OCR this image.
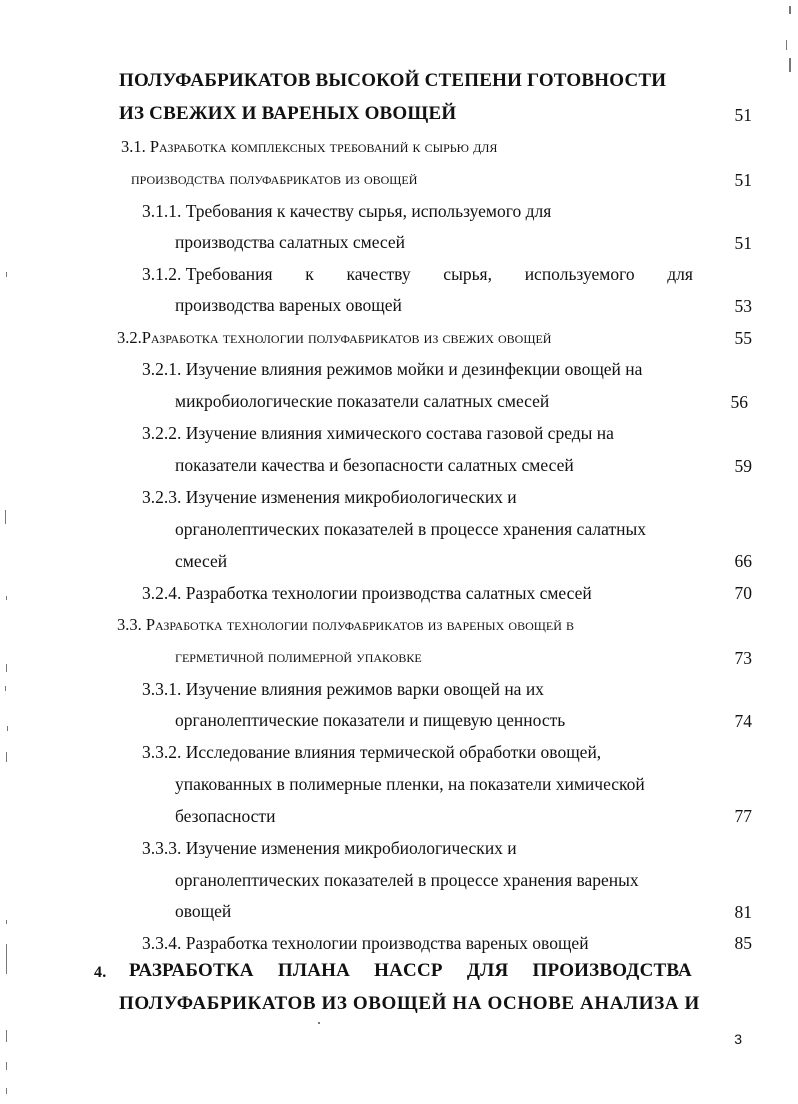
ПОЛУФАБРИКАТОВ ВЫСОКОЙ СТЕПЕНИ ГОТОВНОСТИ
ИЗ СВЕЖИХ И ВАРЕНЫХ ОВОЩЕЙ	51
3.1. Разработка комплексных требований к сырью для
производства полуфабрикатов из овощей	51
3.1.1. Требования к качеству сырья, используемого для
производства салатных смесей	51
3.1.2. Требования к качеству сырья, используемого для
производства вареных овощей	53
3.2.Разработка технологии полуфабрикатов из свежих овощей	55
3.2.1. Изучение влияния режимов мойки и дезинфекции овощей на
микробиологические показатели салатных смесей	56
3.2.2. Изучение влияния химического состава газовой среды на
показатели качества и безопасности салатных смесей	59
3.2.3. Изучение изменения микробиологических и
органолептических показателей в процессе хранения салатных
смесей	66
3.2.4. Разработка технологии производства салатных смесей	70
3.3. Разработка технологии полуфабрикатов из вареных овощей в
герметичной полимерной упаковке	73
3.3.1. Изучение влияния режимов варки овощей на их
органолептические показатели и пищевую ценность	74
3.3.2. Исследование влияния термической обработки овощей,
упакованных в полимерные пленки, на показатели химической
безопасности	77
3.3.3. Изучение изменения микробиологических и
органолептических показателей в процессе хранения вареных
овощей	81
3.3.4. Разработка технологии производства вареных овощей	85
4. РАЗРАБОТКА ПЛАНА HACCP ДЛЯ ПРОИЗВОДСТВА
ПОЛУФАБРИКАТОВ ИЗ ОВОЩЕЙ НА ОСНОВЕ АНАЛИЗА И
3
